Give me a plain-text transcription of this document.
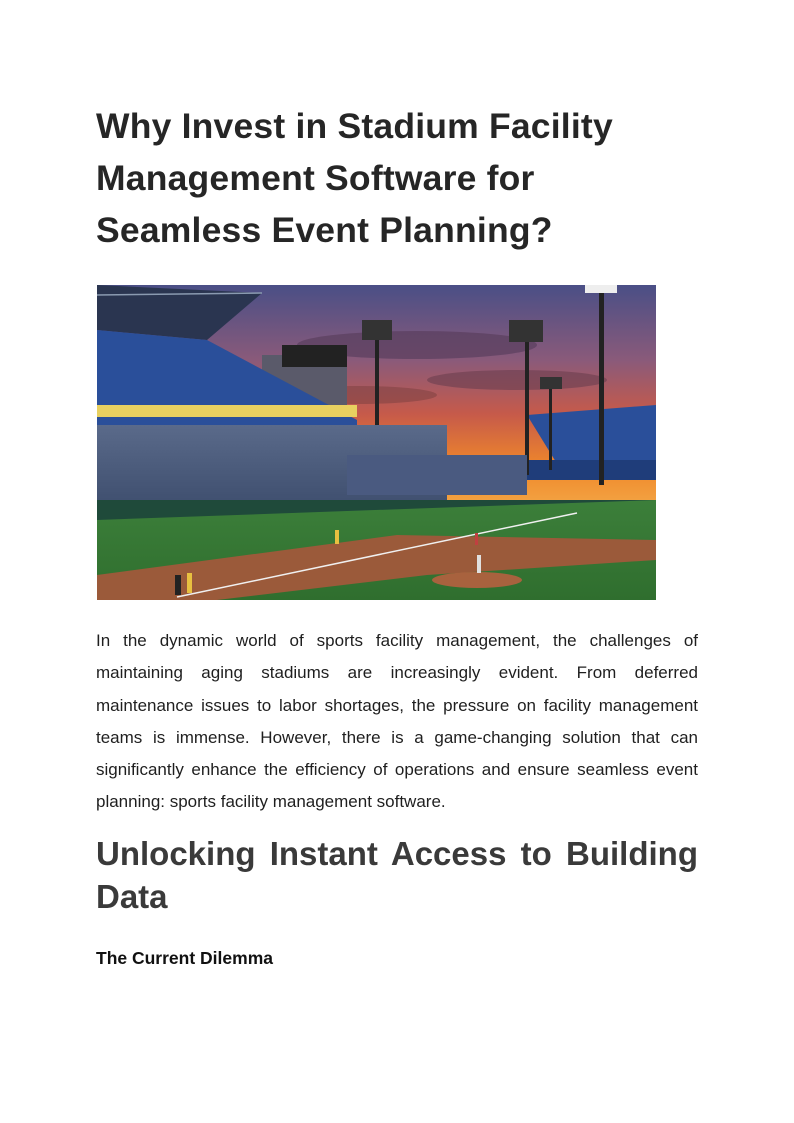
Why Invest in Stadium Facility Management Software for Seamless Event Planning?

In the dynamic world of sports facility management, the challenges of maintaining aging stadiums are increasingly evident. From deferred maintenance issues to labor shortages, the pressure on facility management teams is immense. However, there is a game-changing solution that can significantly enhance the efficiency of operations and ensure seamless event planning: sports facility management software.

Unlocking Instant Access to Building Data
The Current Dilemma
